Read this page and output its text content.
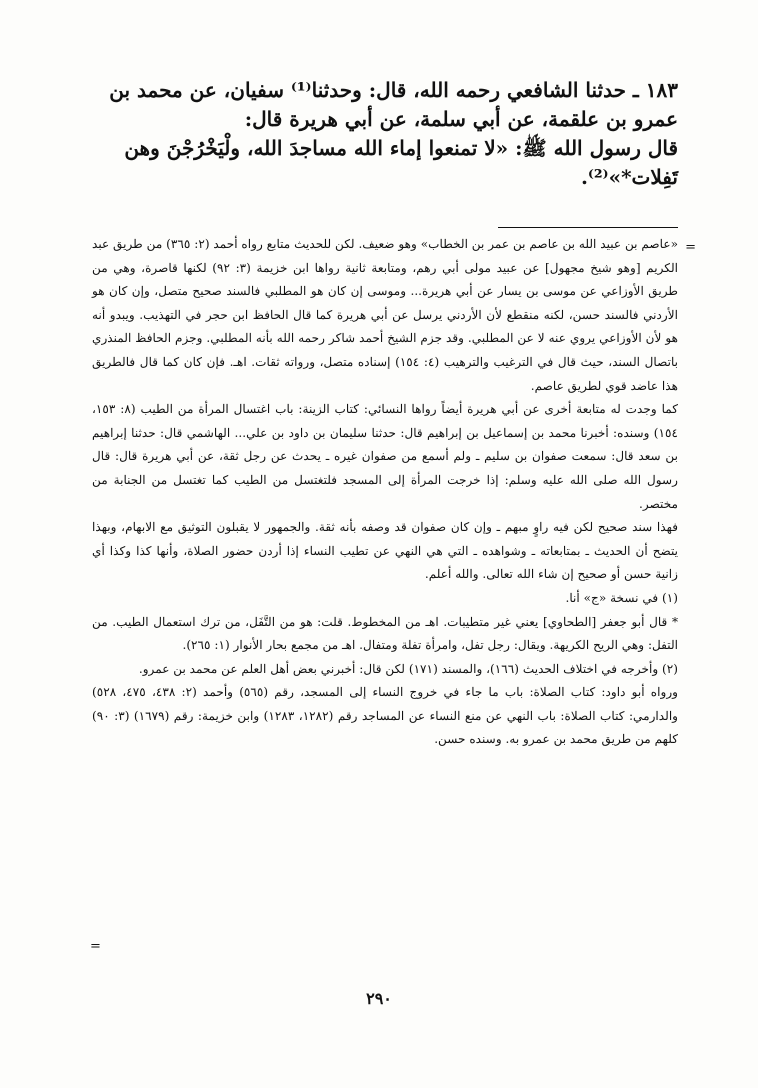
١٨٣ ـ حدثنا الشافعي رحمه الله، قال: وحدثنا⁽¹⁾ سفيان، عن محمد بن

عمرو بن علقمة، عن أبي سلمة، عن أبي هريرة قال:

قال رسول الله ﷺ: «لا تمنعوا إماء الله مساجدَ الله، ولْيَخْرُجْنَ وهن

تَفِلات*»⁽²⁾.

=

«عاصم بن عبيد الله بن عاصم بن عمر بن الخطاب» وهو ضعيف. لكن للحديث متابع رواه أحمد (٢: ٣٦٥) من طريق عبد الكريم [وهو شيخ مجهول] عن عبيد مولى أبي رهم، ومتابعة ثانية رواها ابن خزيمة (٣: ٩٢) لكنها قاصرة، وهي من طريق الأوزاعي عن موسى بن يسار عن أبي هريرة... وموسى إن كان هو المطلبي فالسند صحيح متصل، وإن كان هو الأردني فالسند حسن، لكنه منقطع لأن الأردني يرسل عن أبي هريرة كما قال الحافظ ابن حجر في التهذيب. ويبدو أنه هو لأن الأوزاعي يروي عنه لا عن المطلبي. وقد جزم الشيخ أحمد شاكر رحمه الله بأنه المطلبي. وجزم الحافظ المنذري باتصال السند، حيث قال في الترغيب والترهيب (٤: ١٥٤) إسناده متصل، ورواته ثقات. اهـ. فإن كان كما قال فالطريق هذا عاضد قوي لطريق عاصم.

كما وجدت له متابعة أخرى عن أبي هريرة أيضاً رواها النسائي: كتاب الزينة: باب اغتسال المرأة من الطيب (٨: ١٥٣، ١٥٤) وسنده: أخبرنا محمد بن إسماعيل بن إبراهيم قال: حدثنا سليمان بن داود بن علي... الهاشمي قال: حدثنا إبراهيم بن سعد قال: سمعت صفوان بن سليم ـ ولم أسمع من صفوان غيره ـ يحدث عن رجل ثقة، عن أبي هريرة قال: قال رسول الله صلى الله عليه وسلم: إذا خرجت المرأة إلى المسجد فلتغتسل من الطيب كما تغتسل من الجنابة من مختصر.

فهذا سند صحيح لكن فيه راوٍ مبهم ـ وإن كان صفوان قد وصفه بأنه ثقة. والجمهور لا يقبلون التوثيق مع الابهام، وبهذا يتضح أن الحديث ـ بمتابعاته ـ وشواهده ـ التي هي النهي عن تطيب النساء إذا أردن حضور الصلاة، وأنها كذا وكذا أي زانية حسن أو صحيح إن شاء الله تعالى. والله أعلم.

(١) في نسخة «ج» أنا.

* قال أبو جعفر [الطحاوي] يعني غير متطيبات. اهـ من المخطوط. قلت: هو من التَّفَل، من ترك استعمال الطيب. من التفل: وهي الريح الكريهة. ويقال: رجل تفل، وامرأة تفلة ومتفال. اهـ من مجمع بحار الأنوار (١: ٢٦٥).

(٢) وأخرجه في اختلاف الحديث (١٦٦)، والمسند (١٧١) لكن قال: أخبرني بعض أهل العلم عن محمد بن عمرو.

ورواه أبو داود: كتاب الصلاة: باب ما جاء في خروج النساء إلى المسجد، رقم (٥٦٥) وأحمد (٢: ٤٣٨، ٤٧٥، ٥٢٨) والدارمي: كتاب الصلاة: باب النهي عن منع النساء عن المساجد رقم (١٢٨٢، ١٢٨٣) وابن خزيمة: رقم (١٦٧٩) (٣: ٩٠) كلهم من طريق محمد بن عمرو به. وسنده حسن.

=
٢٩٠
